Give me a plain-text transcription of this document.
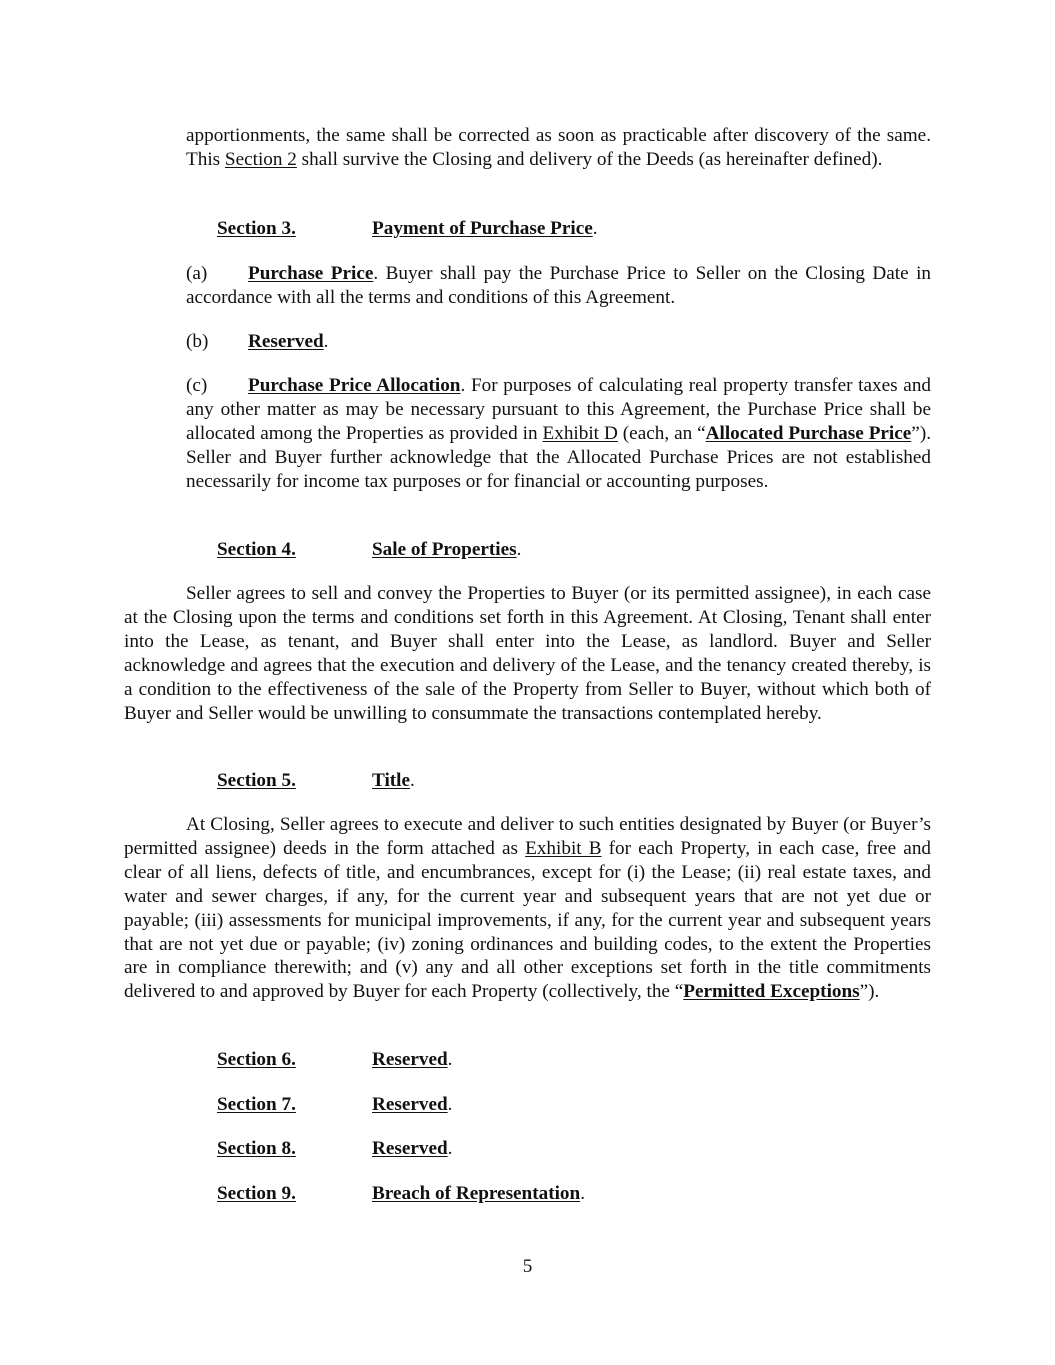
apportionments, the same shall be corrected as soon as practicable after discovery of the same. This Section 2 shall survive the Closing and delivery of the Deeds (as hereinafter defined).

Section 3.	Payment of Purchase Price.

(a) Purchase Price. Buyer shall pay the Purchase Price to Seller on the Closing Date in accordance with all the terms and conditions of this Agreement.

(b) Reserved.

(c) Purchase Price Allocation. For purposes of calculating real property transfer taxes and any other matter as may be necessary pursuant to this Agreement, the Purchase Price shall be allocated among the Properties as provided in Exhibit D (each, an “Allocated Purchase Price”). Seller and Buyer further acknowledge that the Allocated Purchase Prices are not established necessarily for income tax purposes or for financial or accounting purposes.

Section 4.	Sale of Properties.

Seller agrees to sell and convey the Properties to Buyer (or its permitted assignee), in each case at the Closing upon the terms and conditions set forth in this Agreement. At Closing, Tenant shall enter into the Lease, as tenant, and Buyer shall enter into the Lease, as landlord. Buyer and Seller acknowledge and agrees that the execution and delivery of the Lease, and the tenancy created thereby, is a condition to the effectiveness of the sale of the Property from Seller to Buyer, without which both of Buyer and Seller would be unwilling to consummate the transactions contemplated hereby.

Section 5.	Title.

At Closing, Seller agrees to execute and deliver to such entities designated by Buyer (or Buyer’s permitted assignee) deeds in the form attached as Exhibit B for each Property, in each case, free and clear of all liens, defects of title, and encumbrances, except for (i) the Lease; (ii) real estate taxes, and water and sewer charges, if any, for the current year and subsequent years that are not yet due or payable; (iii) assessments for municipal improvements, if any, for the current year and subsequent years that are not yet due or payable; (iv) zoning ordinances and building codes, to the extent the Properties are in compliance therewith; and (v) any and all other exceptions set forth in the title commitments delivered to and approved by Buyer for each Property (collectively, the “Permitted Exceptions”).

Section 6.	Reserved.
Section 7.	Reserved.
Section 8.	Reserved.
Section 9.	Breach of Representation.
5
